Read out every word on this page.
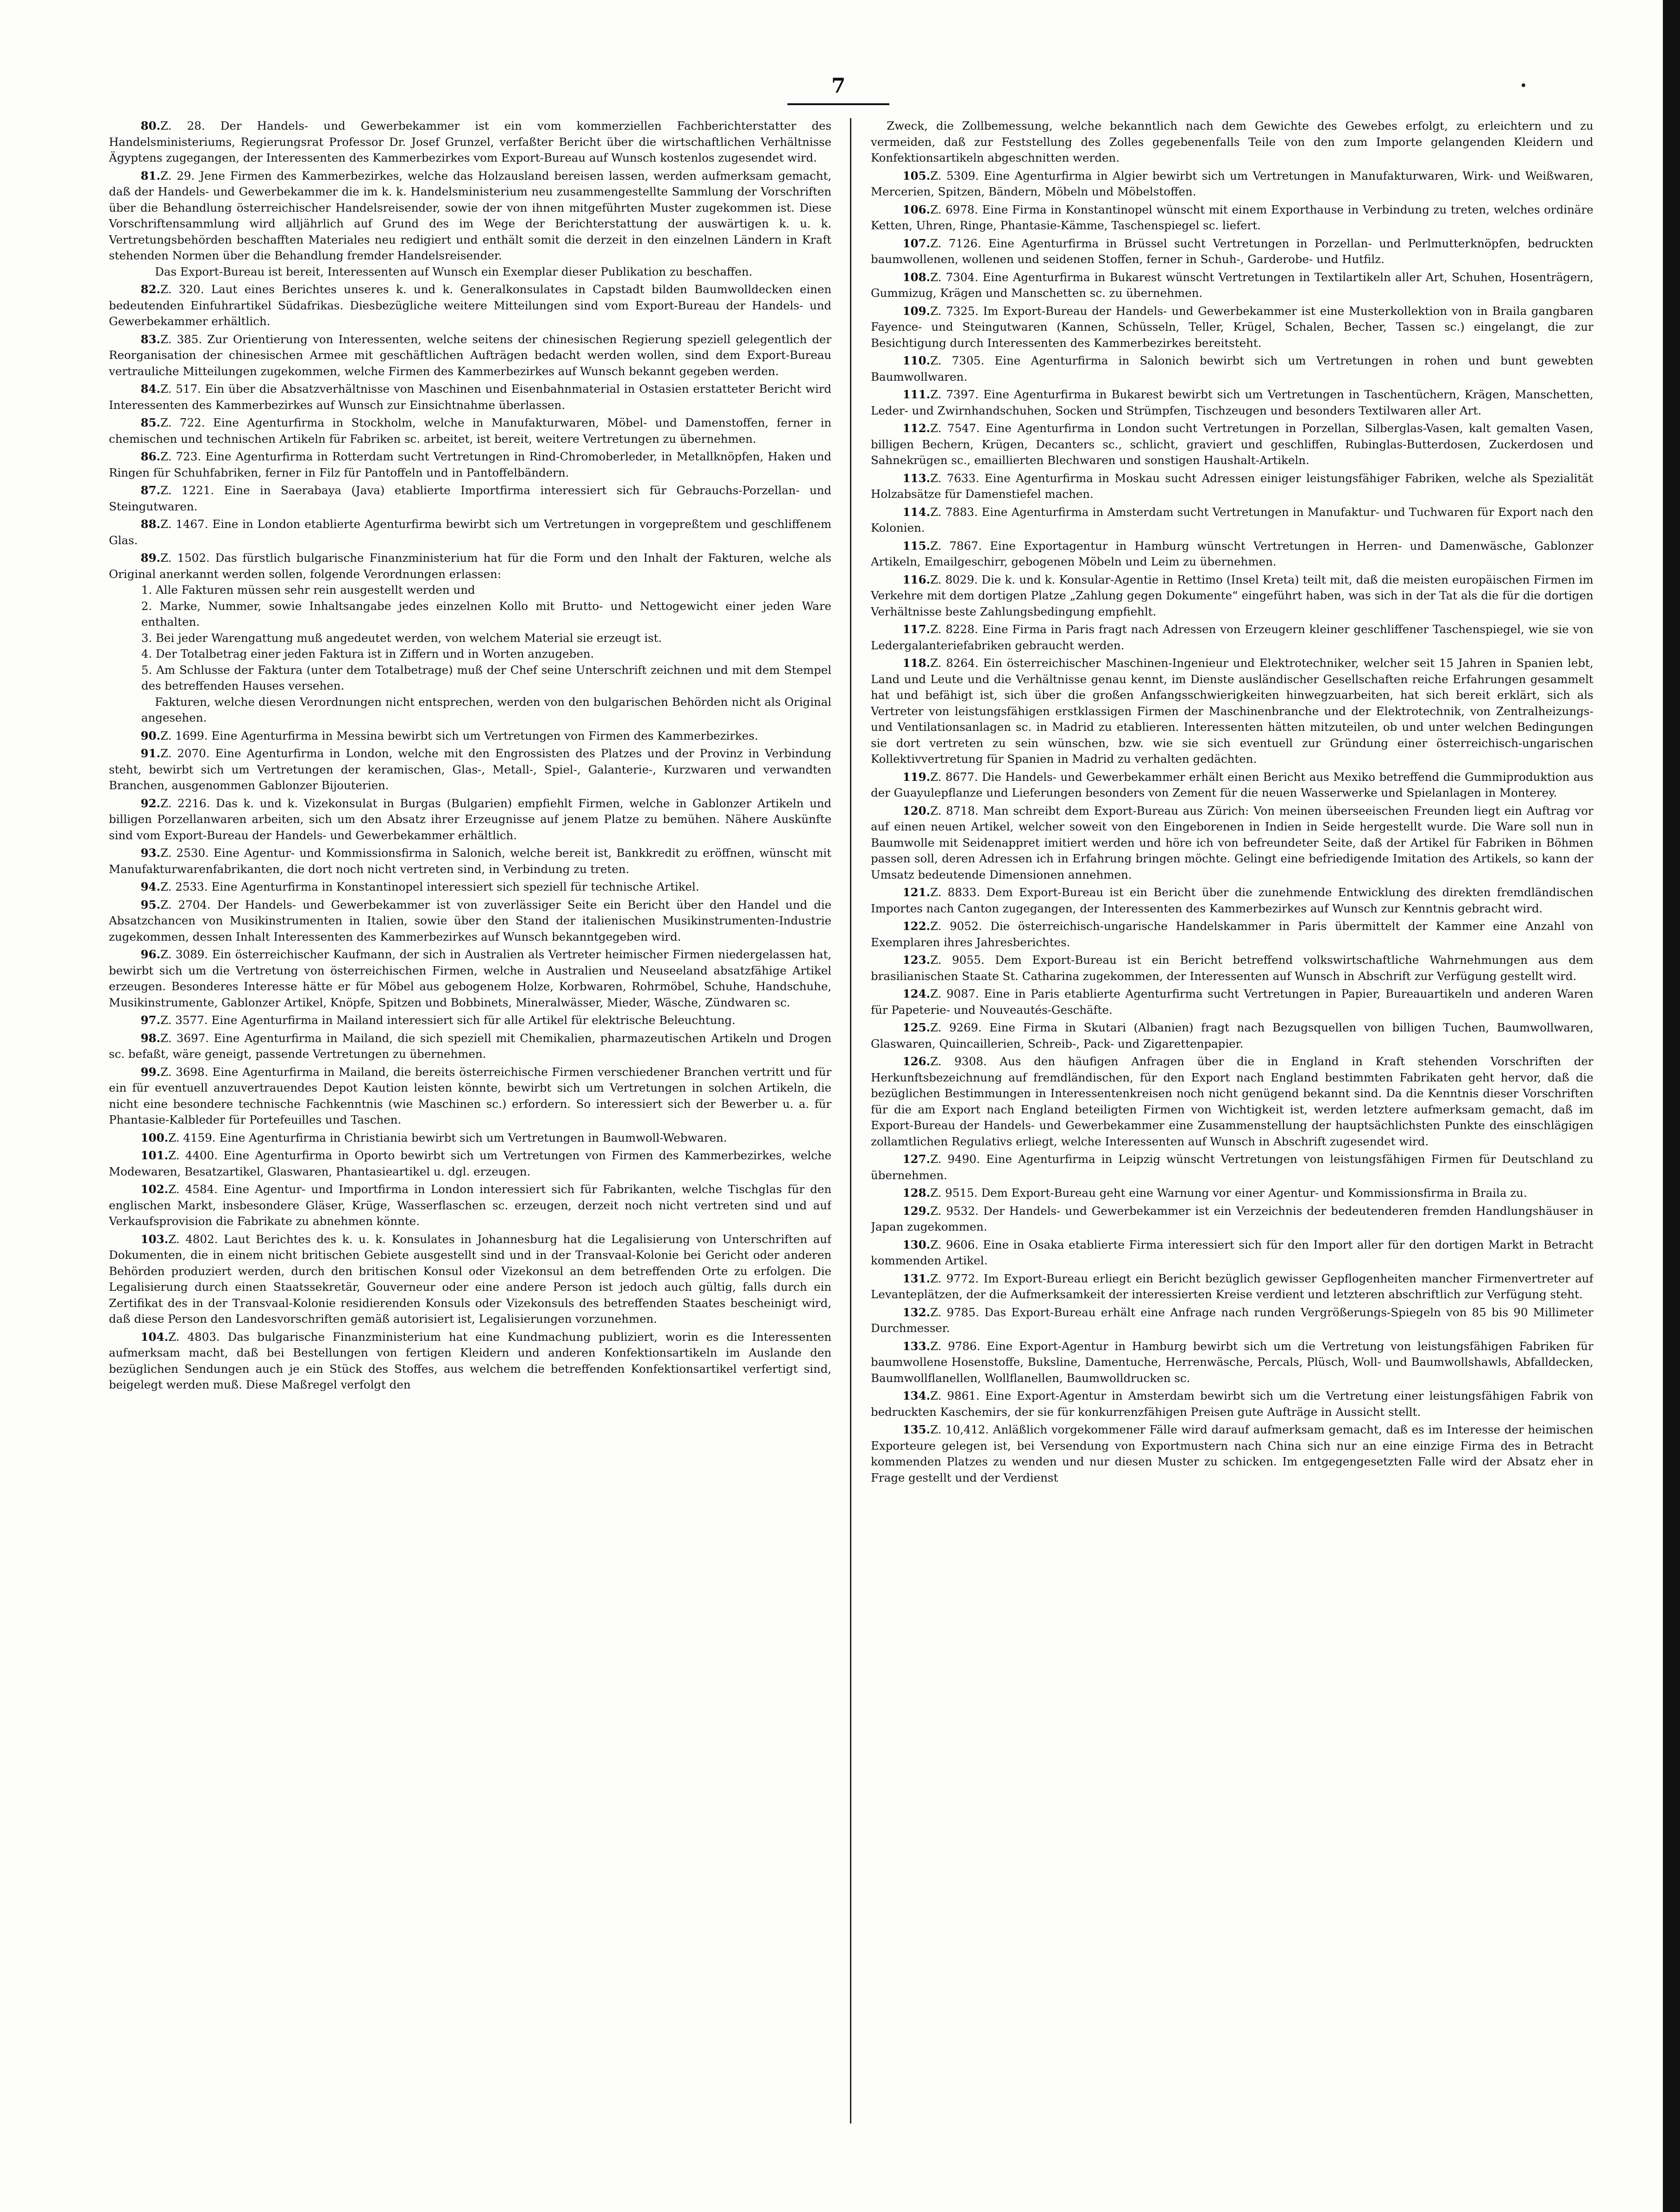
7
80.Z. 28. Der Handels- und Gewerbekammer ist ein vom kommerziellen Fachberichterstatter des Handelsministeriums, Regierungsrat Professor Dr. Josef Grunzel, verfaßter Bericht über die wirtschaftlichen Verhältnisse Ägyptens zugegangen, der Interessenten des Kammerbezirkes vom Export-Bureau auf Wunsch kostenlos zugesendet wird.
81.Z. 29. Jene Firmen des Kammerbezirkes, welche das Holzausland bereisen lassen, werden aufmerksam gemacht, daß der Handels- und Gewerbekammer die im k. k. Handelsministerium neu zusammengestellte Sammlung der Vorschriften über die Behandlung österreichischer Handelsreisender, sowie der von ihnen mitgeführten Muster zugekommen ist. Diese Vorschriftensammlung wird alljährlich auf Grund des im Wege der Berichterstattung der auswärtigen k. u. k. Vertretungsbehörden beschafften Materiales neu redigiert und enthält somit die derzeit in den einzelnen Ländern in Kraft stehenden Normen über die Behandlung fremder Handelsreisender.
Das Export-Bureau ist bereit, Interessenten auf Wunsch ein Exemplar dieser Publikation zu beschaffen.
82.Z. 320. Laut eines Berichtes unseres k. und k. Generalkonsulates in Capstadt bilden Baumwolldecken einen bedeutenden Einfuhrartikel Südafrikas. Diesbezügliche weitere Mitteilungen sind vom Export-Bureau der Handels- und Gewerbekammer erhältlich.
83.Z. 385. Zur Orientierung von Interessenten, welche seitens der chinesischen Regierung speziell gelegentlich der Reorganisation der chinesischen Armee mit geschäftlichen Aufträgen bedacht werden wollen, sind dem Export-Bureau vertrauliche Mitteilungen zugekommen, welche Firmen des Kammerbezirkes auf Wunsch bekannt gegeben werden.
84.Z. 517. Ein über die Absatzverhältnisse von Maschinen und Eisenbahnmaterial in Ostasien erstatteter Bericht wird Interessenten des Kammerbezirkes auf Wunsch zur Einsichtnahme überlassen.
85.Z. 722. Eine Agenturfirma in Stockholm, welche in Manufakturwaren, Möbel- und Damenstoffen, ferner in chemischen und technischen Artikeln für Fabriken sc. arbeitet, ist bereit, weitere Vertretungen zu übernehmen.
86.Z. 723. Eine Agenturfirma in Rotterdam sucht Vertretungen in Rind-Chromoberleder, in Metallknöpfen, Haken und Ringen für Schuhfabriken, ferner in Filz für Pantoffeln und in Pantoffelbändern.
87.Z. 1221. Eine in Saerabaya (Java) etablierte Importfirma interessiert sich für Gebrauchs-Porzellan- und Steingutwaren.
88.Z. 1467. Eine in London etablierte Agenturfirma bewirbt sich um Vertretungen in vorgepreßtem und geschliffenem Glas.
89.Z. 1502. Das fürstlich bulgarische Finanzministerium hat für die Form und den Inhalt der Fakturen, welche als Original anerkannt werden sollen, folgende Verordnungen erlassen:
1. Alle Fakturen müssen sehr rein ausgestellt werden und
2. Marke, Nummer, sowie Inhaltsangabe jedes einzelnen Kollo mit Brutto- und Nettogewicht einer jeden Ware enthalten.
3. Bei jeder Warengattung muß angedeutet werden, von welchem Material sie erzeugt ist.
4. Der Totalbetrag einer jeden Faktura ist in Ziffern und in Worten anzugeben.
5. Am Schlusse der Faktura (unter dem Totalbetrage) muß der Chef seine Unterschrift zeichnen und mit dem Stempel des betreffenden Hauses versehen.
Fakturen, welche diesen Verordnungen nicht entsprechen, werden von den bulgarischen Behörden nicht als Original angesehen.
90.Z. 1699. Eine Agenturfirma in Messina bewirbt sich um Vertretungen von Firmen des Kammerbezirkes.
91.Z. 2070. Eine Agenturfirma in London, welche mit den Engrossisten des Platzes und der Provinz in Verbindung steht, bewirbt sich um Vertretungen der keramischen, Glas-, Metall-, Spiel-, Galanterie-, Kurzwaren und verwandten Branchen, ausgenommen Gablonzer Bijouterien.
92.Z. 2216. Das k. und k. Vizekonsulat in Burgas (Bulgarien) empfiehlt Firmen, welche in Gablonzer Artikeln und billigen Porzellanwaren arbeiten, sich um den Absatz ihrer Erzeugnisse auf jenem Platze zu bemühen. Nähere Auskünfte sind vom Export-Bureau der Handels- und Gewerbekammer erhältlich.
93.Z. 2530. Eine Agentur- und Kommissionsfirma in Salonich, welche bereit ist, Bankkredit zu eröffnen, wünscht mit Manufakturwarenfabrikanten, die dort noch nicht vertreten sind, in Verbindung zu treten.
94.Z. 2533. Eine Agenturfirma in Konstantinopel interessiert sich speziell für technische Artikel.
95.Z. 2704. Der Handels- und Gewerbekammer ist von zuverlässiger Seite ein Bericht über den Handel und die Absatzchancen von Musikinstrumenten in Italien, sowie über den Stand der italienischen Musikinstrumenten-Industrie zugekommen, dessen Inhalt Interessenten des Kammerbezirkes auf Wunsch bekanntgegeben wird.
96.Z. 3089. Ein österreichischer Kaufmann, der sich in Australien als Vertreter heimischer Firmen niedergelassen hat, bewirbt sich um die Vertretung von österreichischen Firmen, welche in Australien und Neuseeland absatzfähige Artikel erzeugen. Besonderes Interesse hätte er für Möbel aus gebogenem Holze, Korbwaren, Rohrmöbel, Schuhe, Handschuhe, Musikinstrumente, Gablonzer Artikel, Knöpfe, Spitzen und Bobbinets, Mineralwässer, Mieder, Wäsche, Zündwaren sc.
97.Z. 3577. Eine Agenturfirma in Mailand interessiert sich für alle Artikel für elektrische Beleuchtung.
98.Z. 3697. Eine Agenturfirma in Mailand, die sich speziell mit Chemikalien, pharmazeutischen Artikeln und Drogen sc. befaßt, wäre geneigt, passende Vertretungen zu übernehmen.
99.Z. 3698. Eine Agenturfirma in Mailand, die bereits österreichische Firmen verschiedener Branchen vertritt und für ein für eventuell anzuvertrauendes Depot Kaution leisten könnte, bewirbt sich um Vertretungen in solchen Artikeln, die nicht eine besondere technische Fachkenntnis (wie Maschinen sc.) erfordern. So interessiert sich der Bewerber u. a. für Phantasie-Kalbleder für Portefeuilles und Taschen.
100.Z. 4159. Eine Agenturfirma in Christiania bewirbt sich um Vertretungen in Baumwoll-Webwaren.
101.Z. 4400. Eine Agenturfirma in Oporto bewirbt sich um Vertretungen von Firmen des Kammerbezirkes, welche Modewaren, Besatzartikel, Glaswaren, Phantasieartikel u. dgl. erzeugen.
102.Z. 4584. Eine Agentur- und Importfirma in London interessiert sich für Fabrikanten, welche Tischglas für den englischen Markt, insbesondere Gläser, Krüge, Wasserflaschen sc. erzeugen, derzeit noch nicht vertreten sind und auf Verkaufsprovision die Fabrikate zu abnehmen könnte.
103.Z. 4802. Laut Berichtes des k. u. k. Konsulates in Johannesburg hat die Legalisierung von Unterschriften auf Dokumenten, die in einem nicht britischen Gebiete ausgestellt sind und in der Transvaal-Kolonie bei Gericht oder anderen Behörden produziert werden, durch den britischen Konsul oder Vizekonsul an dem betreffenden Orte zu erfolgen. Die Legalisierung durch einen Staatssekretär, Gouverneur oder eine andere Person ist jedoch auch gültig, falls durch ein Zertifikat des in der Transvaal-Kolonie residierenden Konsuls oder Vizekonsuls des betreffenden Staates bescheinigt wird, daß diese Person den Landesvorschriften gemäß autorisiert ist, Legalisierungen vorzunehmen.
104.Z. 4803. Das bulgarische Finanzministerium hat eine Kundmachung publiziert, worin es die Interessenten aufmerksam macht, daß bei Bestellungen von fertigen Kleidern und anderen Konfektionsartikeln im Auslande den bezüglichen Sendungen auch je ein Stück des Stoffes, aus welchem die betreffenden Konfektionsartikel verfertigt sind, beigelegt werden muß. Diese Maßregel verfolgt den
Zweck, die Zollbemessung, welche bekanntlich nach dem Gewichte des Gewebes erfolgt, zu erleichtern und zu vermeiden, daß zur Feststellung des Zolles gegebenenfalls Teile von den zum Importe gelangenden Kleidern und Konfektionsartikeln abgeschnitten werden.
105.Z. 5309. Eine Agenturfirma in Algier bewirbt sich um Vertretungen in Manufakturwaren, Wirk- und Weißwaren, Mercerien, Spitzen, Bändern, Möbeln und Möbelstoffen.
106.Z. 6978. Eine Firma in Konstantinopel wünscht mit einem Exporthause in Verbindung zu treten, welches ordinäre Ketten, Uhren, Ringe, Phantasie-Kämme, Taschenspiegel sc. liefert.
107.Z. 7126. Eine Agenturfirma in Brüssel sucht Vertretungen in Porzellan- und Perlmutterknöpfen, bedruckten baumwollenen, wollenen und seidenen Stoffen, ferner in Schuh-, Garderobe- und Hutfilz.
108.Z. 7304. Eine Agenturfirma in Bukarest wünscht Vertretungen in Textilartikeln aller Art, Schuhen, Hosenträgern, Gummizug, Krägen und Manschetten sc. zu übernehmen.
109.Z. 7325. Im Export-Bureau der Handels- und Gewerbekammer ist eine Musterkollektion von in Braila gangbaren Fayence- und Steingutwaren (Kannen, Schüsseln, Teller, Krügel, Schalen, Becher, Tassen sc.) eingelangt, die zur Besichtigung durch Interessenten des Kammerbezirkes bereitsteht.
110.Z. 7305. Eine Agenturfirma in Salonich bewirbt sich um Vertretungen in rohen und bunt gewebten Baumwollwaren.
111.Z. 7397. Eine Agenturfirma in Bukarest bewirbt sich um Vertretungen in Taschentüchern, Krägen, Manschetten, Leder- und Zwirnhandschuhen, Socken und Strümpfen, Tischzeugen und besonders Textilwaren aller Art.
112.Z. 7547. Eine Agenturfirma in London sucht Vertretungen in Porzellan, Silberglas-Vasen, kalt gemalten Vasen, billigen Bechern, Krügen, Decanters sc., schlicht, graviert und geschliffen, Rubinglas-Butterdosen, Zuckerdosen und Sahnekrügen sc., emaillierten Blechwaren und sonstigen Haushalt-Artikeln.
113.Z. 7633. Eine Agenturfirma in Moskau sucht Adressen einiger leistungsfähiger Fabriken, welche als Spezialität Holzabsätze für Damenstiefel machen.
114.Z. 7883. Eine Agenturfirma in Amsterdam sucht Vertretungen in Manufaktur- und Tuchwaren für Export nach den Kolonien.
115.Z. 7867. Eine Exportagentur in Hamburg wünscht Vertretungen in Herren- und Damenwäsche, Gablonzer Artikeln, Emailgeschirr, gebogenen Möbeln und Leim zu übernehmen.
116.Z. 8029. Die k. und k. Konsular-Agentie in Rettimo (Insel Kreta) teilt mit, daß die meisten europäischen Firmen im Verkehre mit dem dortigen Platze „Zahlung gegen Dokumente“ eingeführt haben, was sich in der Tat als die für die dortigen Verhältnisse beste Zahlungsbedingung empfiehlt.
117.Z. 8228. Eine Firma in Paris fragt nach Adressen von Erzeugern kleiner geschliffener Taschenspiegel, wie sie von Ledergalanteriefabriken gebraucht werden.
118.Z. 8264. Ein österreichischer Maschinen-Ingenieur und Elektrotechniker, welcher seit 15 Jahren in Spanien lebt, Land und Leute und die Verhältnisse genau kennt, im Dienste ausländischer Gesellschaften reiche Erfahrungen gesammelt hat und befähigt ist, sich über die großen Anfangsschwierigkeiten hinwegzuarbeiten, hat sich bereit erklärt, sich als Vertreter von leistungsfähigen erstklassigen Firmen der Maschinenbranche und der Elektrotechnik, von Zentralheizungs- und Ventilationsanlagen sc. in Madrid zu etablieren. Interessenten hätten mitzuteilen, ob und unter welchen Bedingungen sie dort vertreten zu sein wünschen, bzw. wie sie sich eventuell zur Gründung einer österreichisch-ungarischen Kollektivvertretung für Spanien in Madrid zu verhalten gedächten.
119.Z. 8677. Die Handels- und Gewerbekammer erhält einen Bericht aus Mexiko betreffend die Gummiproduktion aus der Guayulepflanze und Lieferungen besonders von Zement für die neuen Wasserwerke und Spielanlagen in Monterey.
120.Z. 8718. Man schreibt dem Export-Bureau aus Zürich: Von meinen überseeischen Freunden liegt ein Auftrag vor auf einen neuen Artikel, welcher soweit von den Eingeborenen in Indien in Seide hergestellt wurde. Die Ware soll nun in Baumwolle mit Seidenappret imitiert werden und höre ich von befreundeter Seite, daß der Artikel für Fabriken in Böhmen passen soll, deren Adressen ich in Erfahrung bringen möchte. Gelingt eine befriedigende Imitation des Artikels, so kann der Umsatz bedeutende Dimensionen annehmen.
121.Z. 8833. Dem Export-Bureau ist ein Bericht über die zunehmende Entwicklung des direkten fremdländischen Importes nach Canton zugegangen, der Interessenten des Kammerbezirkes auf Wunsch zur Kenntnis gebracht wird.
122.Z. 9052. Die österreichisch-ungarische Handelskammer in Paris übermittelt der Kammer eine Anzahl von Exemplaren ihres Jahresberichtes.
123.Z. 9055. Dem Export-Bureau ist ein Bericht betreffend volkswirtschaftliche Wahrnehmungen aus dem brasilianischen Staate St. Catharina zugekommen, der Interessenten auf Wunsch in Abschrift zur Verfügung gestellt wird.
124.Z. 9087. Eine in Paris etablierte Agenturfirma sucht Vertretungen in Papier, Bureauartikeln und anderen Waren für Papeterie- und Nouveautés-Geschäfte.
125.Z. 9269. Eine Firma in Skutari (Albanien) fragt nach Bezugsquellen von billigen Tuchen, Baumwollwaren, Glaswaren, Quincaillerien, Schreib-, Pack- und Zigarettenpapier.
126.Z. 9308. Aus den häufigen Anfragen über die in England in Kraft stehenden Vorschriften der Herkunftsbezeichnung auf fremdländischen, für den Export nach England bestimmten Fabrikaten geht hervor, daß die bezüglichen Bestimmungen in Interessentenkreisen noch nicht genügend bekannt sind. Da die Kenntnis dieser Vorschriften für die am Export nach England beteiligten Firmen von Wichtigkeit ist, werden letztere aufmerksam gemacht, daß im Export-Bureau der Handels- und Gewerbekammer eine Zusammenstellung der hauptsächlichsten Punkte des einschlägigen zollamtlichen Regulativs erliegt, welche Interessenten auf Wunsch in Abschrift zugesendet wird.
127.Z. 9490. Eine Agenturfirma in Leipzig wünscht Vertretungen von leistungsfähigen Firmen für Deutschland zu übernehmen.
128.Z. 9515. Dem Export-Bureau geht eine Warnung vor einer Agentur- und Kommissionsfirma in Braila zu.
129.Z. 9532. Der Handels- und Gewerbekammer ist ein Verzeichnis der bedeutenderen fremden Handlungshäuser in Japan zugekommen.
130.Z. 9606. Eine in Osaka etablierte Firma interessiert sich für den Import aller für den dortigen Markt in Betracht kommenden Artikel.
131.Z. 9772. Im Export-Bureau erliegt ein Bericht bezüglich gewisser Gepflogenheiten mancher Firmenvertreter auf Levanteplätzen, der die Aufmerksamkeit der interessierten Kreise verdient und letzteren abschriftlich zur Verfügung steht.
132.Z. 9785. Das Export-Bureau erhält eine Anfrage nach runden Vergrößerungs-Spiegeln von 85 bis 90 Millimeter Durchmesser.
133.Z. 9786. Eine Export-Agentur in Hamburg bewirbt sich um die Vertretung von leistungsfähigen Fabriken für baumwollene Hosenstoffe, Buksline, Damentuche, Herrenwäsche, Percals, Plüsch, Woll- und Baumwollshawls, Abfalldecken, Baumwollflanellen, Wollflanellen, Baumwolldrucken sc.
134.Z. 9861. Eine Export-Agentur in Amsterdam bewirbt sich um die Vertretung einer leistungsfähigen Fabrik von bedruckten Kaschemirs, der sie für konkurrenzfähigen Preisen gute Aufträge in Aussicht stellt.
135.Z. 10,412. Anläßlich vorgekommener Fälle wird darauf aufmerksam gemacht, daß es im Interesse der heimischen Exporteure gelegen ist, bei Versendung von Exportmustern nach China sich nur an eine einzige Firma des in Betracht kommenden Platzes zu wenden und nur diesen Muster zu schicken. Im entgegengesetzten Falle wird der Absatz eher in Frage gestellt und der Verdienst
